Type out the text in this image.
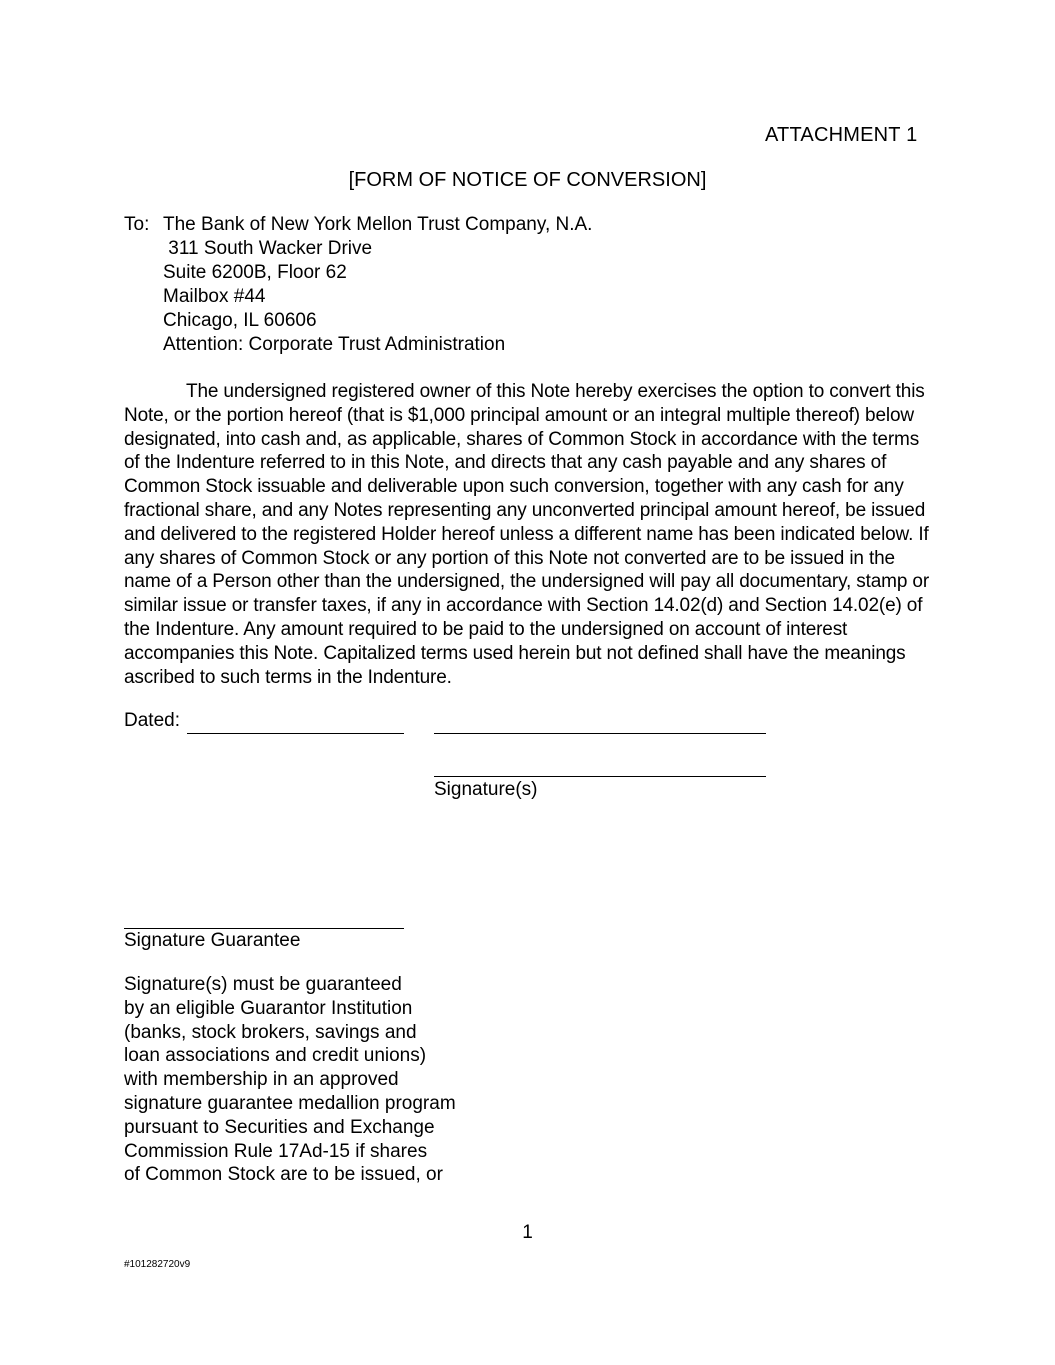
ATTACHMENT 1
[FORM OF NOTICE OF CONVERSION]
To: The Bank of New York Mellon Trust Company, N.A.
311 South Wacker Drive
Suite 6200B, Floor 62
Mailbox #44
Chicago, IL 60606
Attention: Corporate Trust Administration
The undersigned registered owner of this Note hereby exercises the option to convert this Note, or the portion hereof (that is $1,000 principal amount or an integral multiple thereof) below designated, into cash and, as applicable, shares of Common Stock in accordance with the terms of the Indenture referred to in this Note, and directs that any cash payable and any shares of Common Stock issuable and deliverable upon such conversion, together with any cash for any fractional share, and any Notes representing any unconverted principal amount hereof, be issued and delivered to the registered Holder hereof unless a different name has been indicated below. If any shares of Common Stock or any portion of this Note not converted are to be issued in the name of a Person other than the undersigned, the undersigned will pay all documentary, stamp or similar issue or transfer taxes, if any in accordance with Section 14.02(d) and Section 14.02(e) of the Indenture. Any amount required to be paid to the undersigned on account of interest accompanies this Note. Capitalized terms used herein but not defined shall have the meanings ascribed to such terms in the Indenture.
Dated:
Signature(s)
Signature Guarantee
Signature(s) must be guaranteed
by an eligible Guarantor Institution
(banks, stock brokers, savings and
loan associations and credit unions)
with membership in an approved
signature guarantee medallion program
pursuant to Securities and Exchange
Commission Rule 17Ad-15 if shares
of Common Stock are to be issued, or
1
#101282720v9
